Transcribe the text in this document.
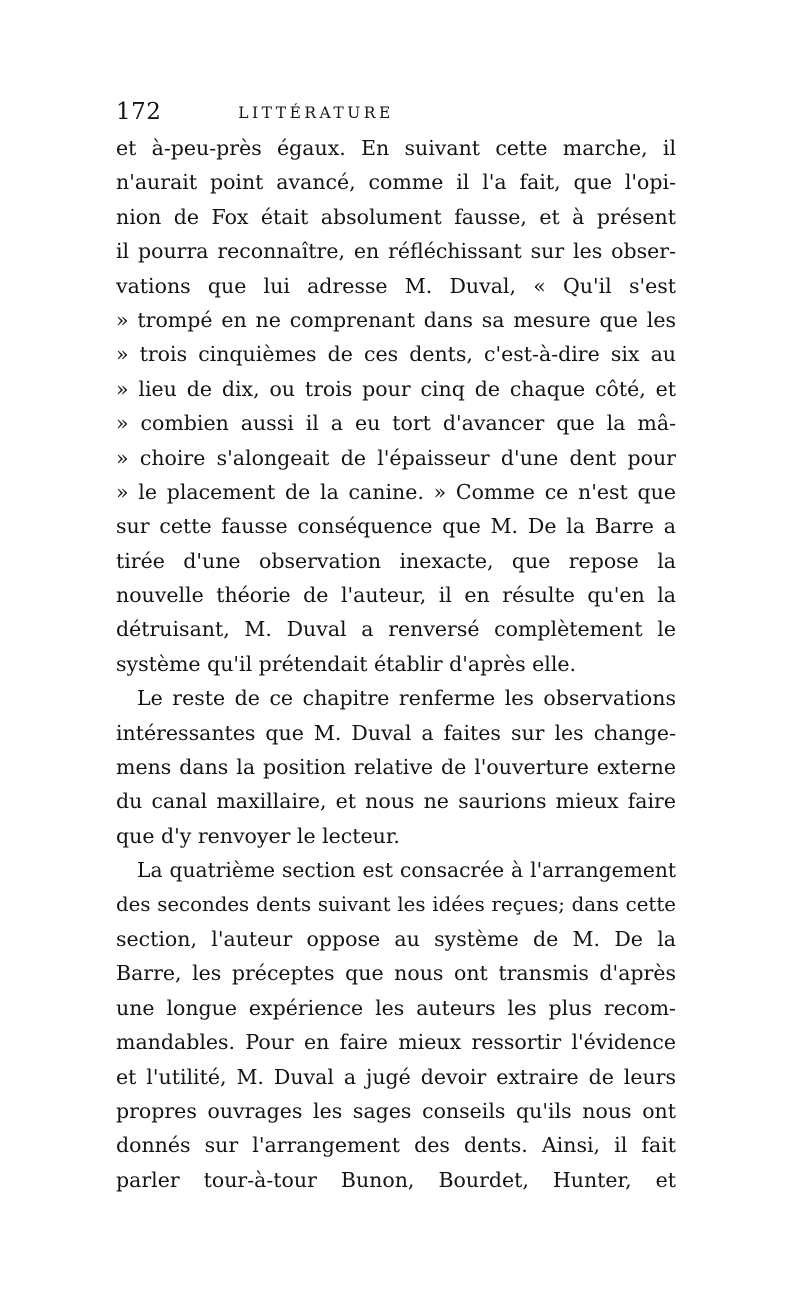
172	LITTÉRATURE
et à-peu-près égaux. En suivant cette marche, il
n'aurait point avancé, comme il l'a fait, que l'opi-
nion de Fox était absolument fausse, et à présent
il pourra reconnaître, en réfléchissant sur les obser-
vations que lui adresse M. Duval, « Qu'il s'est
» trompé en ne comprenant dans sa mesure que les
» trois cinquièmes de ces dents, c'est-à-dire six au
» lieu de dix, ou trois pour cinq de chaque côté, et
» combien aussi il a eu tort d'avancer que la mâ-
» choire s'alongeait de l'épaisseur d'une dent pour
» le placement de la canine. » Comme ce n'est que
sur cette fausse conséquence que M. De la Barre a
tirée d'une observation inexacte, que repose la
nouvelle théorie de l'auteur, il en résulte qu'en la
détruisant, M. Duval a renversé complètement le
système qu'il prétendait établir d'après elle.
Le reste de ce chapitre renferme les observations
intéressantes que M. Duval a faites sur les change-
mens dans la position relative de l'ouverture externe
du canal maxillaire, et nous ne saurions mieux faire
que d'y renvoyer le lecteur.
La quatrième section est consacrée à l'arrangement
des secondes dents suivant les idées reçues; dans cette
section, l'auteur oppose au système de M. De la
Barre, les préceptes que nous ont transmis d'après
une longue expérience les auteurs les plus recom-
mandables. Pour en faire mieux ressortir l'évidence
et l'utilité, M. Duval a jugé devoir extraire de leurs
propres ouvrages les sages conseils qu'ils nous ont
donnés sur l'arrangement des dents. Ainsi, il fait
parler tour-à-tour Bunon, Bourdet, Hunter, et
